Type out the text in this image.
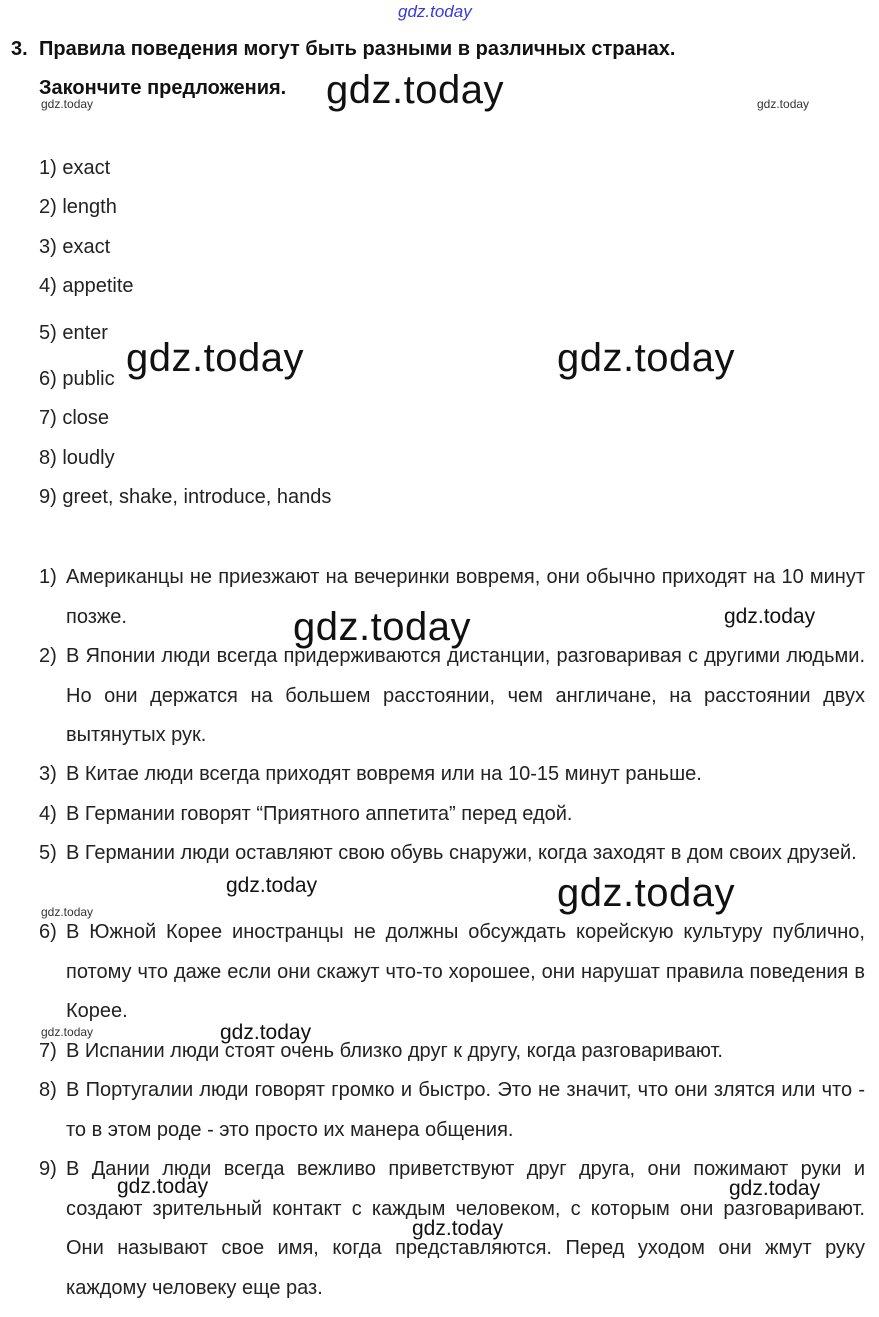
3. Правила поведения могут быть разными в различных странах.
Закончите предложения.
1) exact
2) length
3) exact
4) appetite
5) enter
6) public
7) close
8) loudly
9) greet, shake, introduce, hands
1) Американцы не приезжают на вечеринки вовремя, они обычно приходят на 10 минут позже.
2) В Японии люди всегда придерживаются дистанции, разговаривая с другими людьми. Но они держатся на большем расстоянии, чем англичане, на расстоянии двух вытянутых рук.
3) В Китае люди всегда приходят вовремя или на 10-15 минут раньше.
4) В Германии говорят “Приятного аппетита” перед едой.
5) В Германии люди оставляют свою обувь снаружи, когда заходят в дом своих друзей.
6) В Южной Корее иностранцы не должны обсуждать корейскую культуру публично, потому что даже если они скажут что-то хорошее, они нарушат правила поведения в Корее.
7) В Испании люди стоят очень близко друг к другу, когда разговаривают.
8) В Португалии люди говорят громко и быстро. Это не значит, что они злятся или что - то в этом роде - это просто их манера общения.
9) В Дании люди всегда вежливо приветствуют друг друга, они пожимают руки и создают зрительный контакт с каждым человеком, с которым они разговаривают. Они называют свое имя, когда представляются. Перед уходом они жмут руку каждому человеку еще раз.
gdz.today
gdz.today
gdz.today	gdz.today
gdz.today	gdz.today
gdz.today	gdz.today
gdz.today	gdz.today
gdz.today
gdz.today	gdz.today
gdz.today	gdz.today
gdz.today
